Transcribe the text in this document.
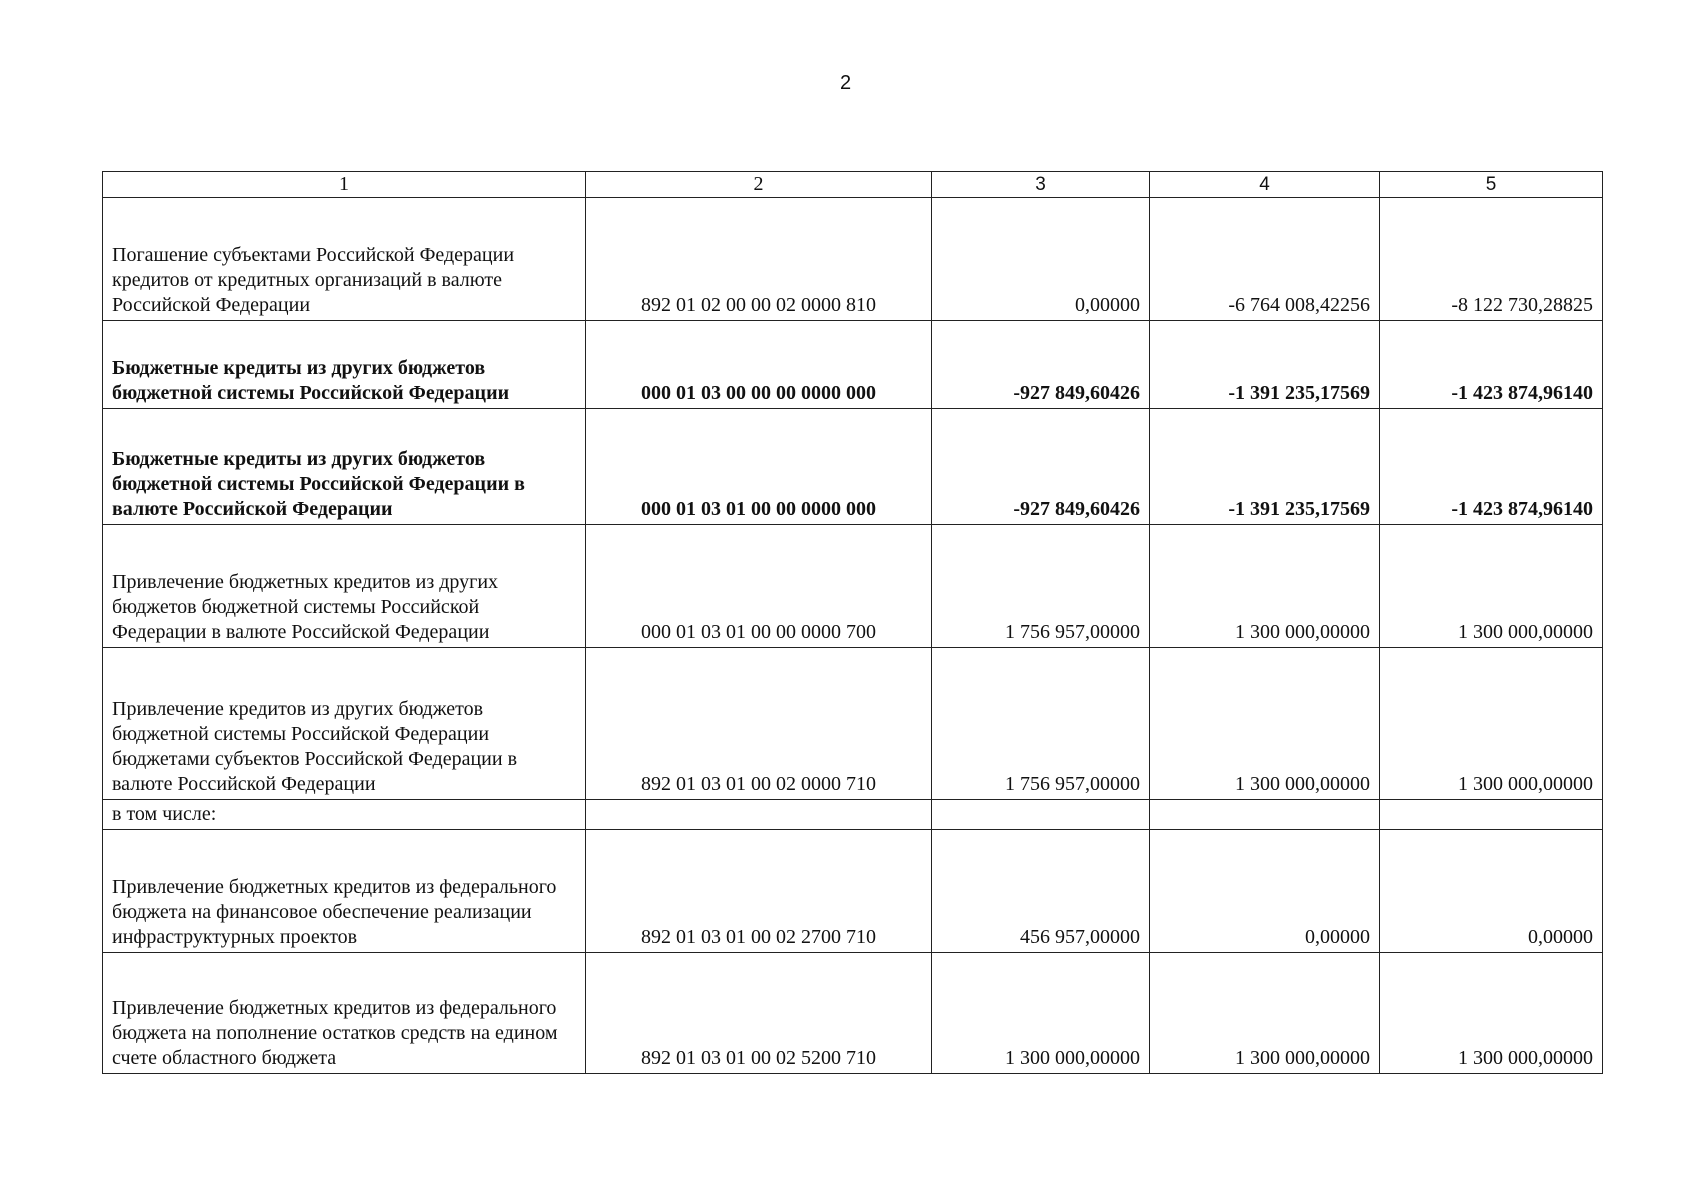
2
1	2	3	4	5
Погашение субъектами Российской Федерации кредитов от кредитных организаций в валюте Российской Федерации	892 01 02 00 00 02 0000 810	0,00000	-6 764 008,42256	-8 122 730,28825
Бюджетные кредиты из других бюджетов бюджетной системы Российской Федерации	000 01 03 00 00 00 0000 000	-927 849,60426	-1 391 235,17569	-1 423 874,96140
Бюджетные кредиты из других бюджетов бюджетной системы Российской Федерации в валюте Российской Федерации	000 01 03 01 00 00 0000 000	-927 849,60426	-1 391 235,17569	-1 423 874,96140
Привлечение бюджетных кредитов из других бюджетов бюджетной системы Российской Федерации в валюте Российской Федерации	000 01 03 01 00 00 0000 700	1 756 957,00000	1 300 000,00000	1 300 000,00000
Привлечение кредитов из других бюджетов бюджетной системы Российской Федерации бюджетами субъектов Российской Федерации в валюте Российской Федерации	892 01 03 01 00 02 0000 710	1 756 957,00000	1 300 000,00000	1 300 000,00000
в том числе:				
Привлечение бюджетных кредитов из федерального бюджета на финансовое обеспечение реализации инфраструктурных проектов	892 01 03 01 00 02 2700 710	456 957,00000	0,00000	0,00000
Привлечение бюджетных кредитов из федерального бюджета на пополнение остатков средств на едином счете областного бюджета	892 01 03 01 00 02 5200 710	1 300 000,00000	1 300 000,00000	1 300 000,00000
